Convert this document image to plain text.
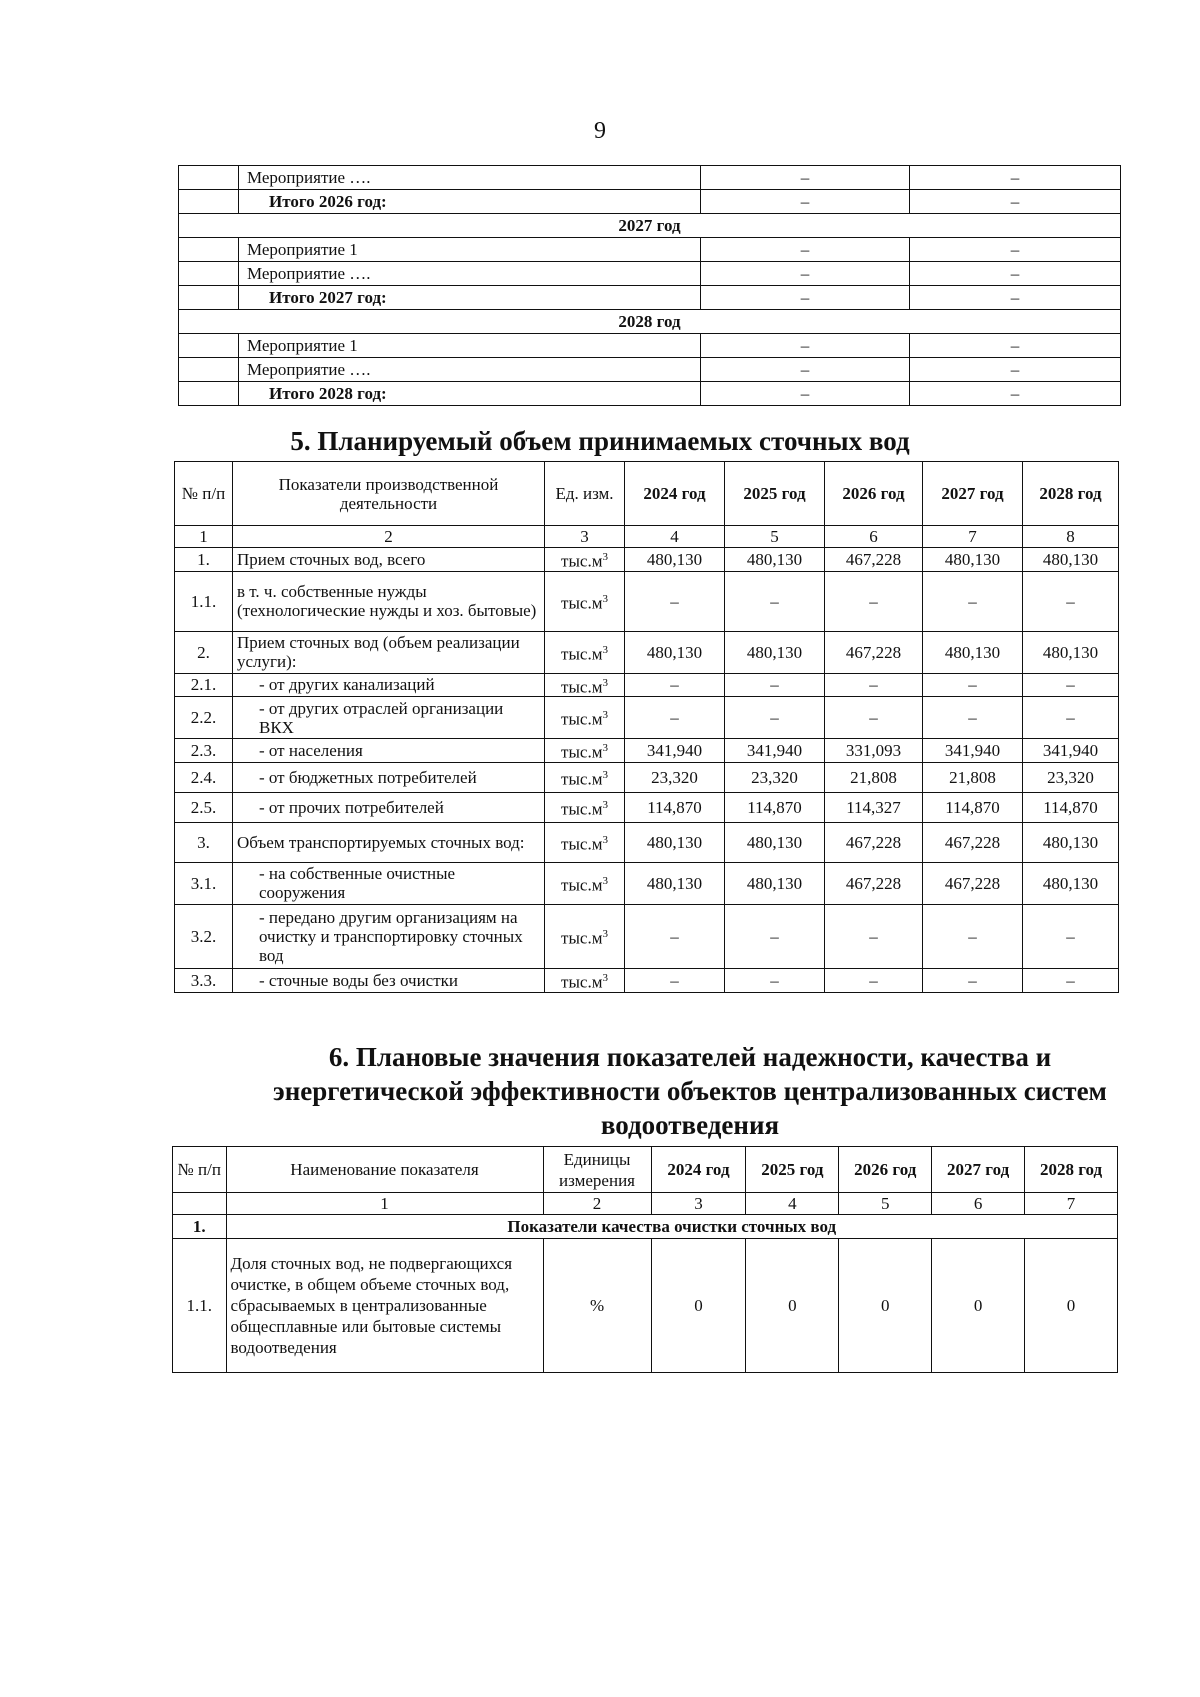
9
	Мероприятие ….	–	–
	Итого 2026 год:	–	–
2027 год			
	Мероприятие 1	–	–
	Мероприятие ….	–	–
	Итого 2027 год:	–	–
2028 год			
	Мероприятие 1	–	–
	Мероприятие ….	–	–
	Итого 2028 год:	–	–
5. Планируемый объем принимаемых сточных вод
№ п/п	Показатели производственной деятельности	Ед. изм.	2024 год	2025 год	2026 год	2027 год	2028 год
1	2	3	4	5	6	7	8
1.	Прием сточных вод, всего	$тыс.м^3$	480,130	480,130	467,228	480,130	480,130
1.1.	в т. ч. собственные нужды (технологические нужды и хоз. бытовые)	$тыс.м^3$	–	–	–	–	–
2.	Прием сточных вод (объем реализации услуги):	$тыс.м^3$	480,130	480,130	467,228	480,130	480,130
2.1.	- от других канализаций	$тыс.м^3$	–	–	–	–	–
2.2.	- от других отраслей организации ВКХ	$тыс.м^3$	–	–	–	–	–
2.3.	- от населения	$тыс.м^3$	341,940	341,940	331,093	341,940	341,940
2.4.	- от бюджетных потребителей	$тыс.м^3$	23,320	23,320	21,808	21,808	23,320
2.5.	- от прочих потребителей	$тыс.м^3$	114,870	114,870	114,327	114,870	114,870
3.	Объем транспортируемых сточных вод:	$тыс.м^3$	480,130	480,130	467,228	467,228	480,130
3.1.	- на собственные очистные сооружения	$тыс.м^3$	480,130	480,130	467,228	467,228	480,130
3.2.	- передано другим организациям на очистку и транспортировку сточных вод	$тыс.м^3$	–	–	–	–	–
3.3.	- сточные воды без очистки	$тыс.м^3$	–	–	–	–	–
6. Плановые значения показателей надежности, качества и энергетической эффективности объектов централизованных систем водоотведения
№ п/п	Наименование показателя	Единицы измерения	2024 год	2025 год	2026 год	2027 год	2028 год
	1	2	3	4	5	6	7
1.	Показатели качества очистки сточных вод						
1.1.	Доля сточных вод, не подвергающихся очистке, в общем объеме сточных вод, сбрасываемых в централизованные общесплавные или бытовые системы водоотведения	%	0	0	0	0	0
